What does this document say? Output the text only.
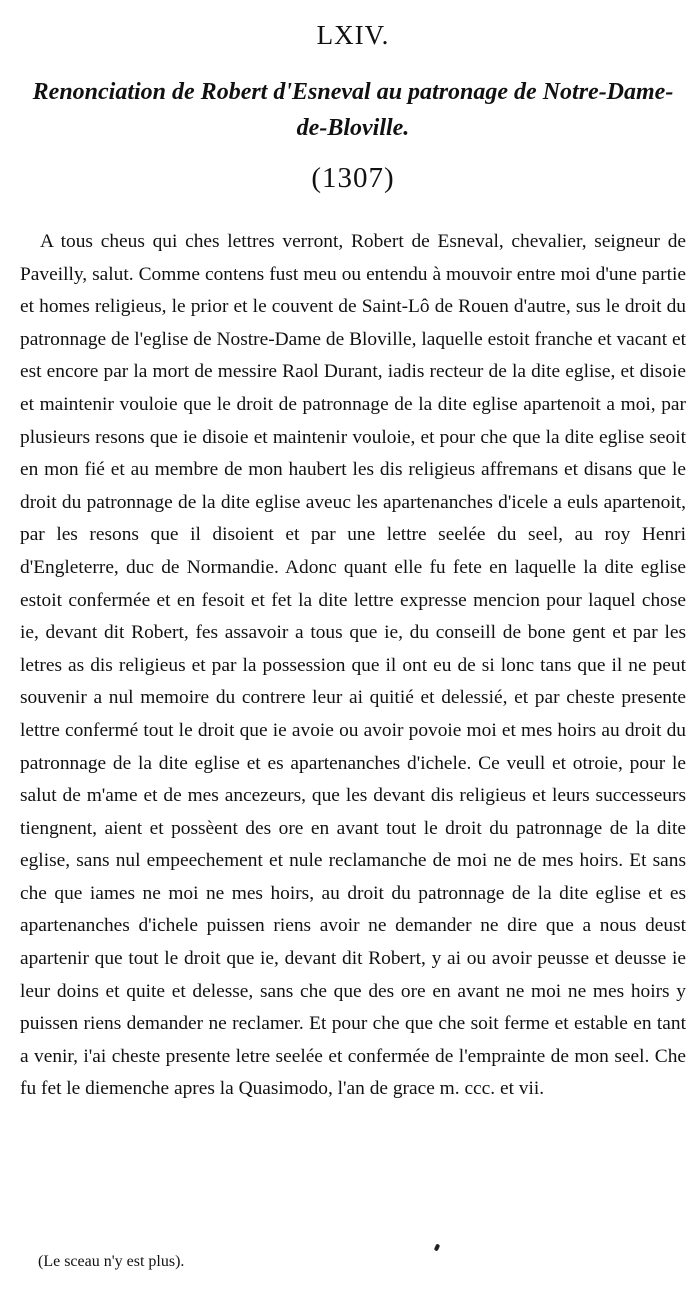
LXIV.
Renonciation de Robert d'Esneval au patronage de Notre-Dame-de-Bloville.
(1307)

A tous cheus qui ches lettres verront, Robert de Esneval, chevalier, seigneur de Paveilly, salut. Comme contens fust meu ou entendu à mouvoir entre moi d'une partie et homes religieus, le prior et le couvent de Saint-Lô de Rouen d'autre, sus le droit du patronnage de l'eglise de Nostre-Dame de Bloville, laquelle estoit franche et vacant et est encore par la mort de messire Raol Durant, iadis recteur de la dite eglise, et disoie et maintenir vouloie que le droit de patronnage de la dite eglise apartenoit a moi, par plusieurs resons que ie disoie et maintenir vouloie, et pour che que la dite eglise seoit en mon fié et au membre de mon haubert les dis religieus affremans et disans que le droit du patronnage de la dite eglise aveuc les apartenanches d'icele a euls apartenoit, par les resons que il disoient et par une lettre seelée du seel, au roy Henri d'Engleterre, duc de Normandie. Adonc quant elle fu fete en laquelle la dite eglise estoit confermée et en fesoit et fet la dite lettre expresse mencion pour laquel chose ie, devant dit Robert, fes assavoir a tous que ie, du conseill de bone gent et par les letres as dis religieus et par la possession que il ont eu de si lonc tans que il ne peut souvenir a nul memoire du contrere leur ai quitié et delessié, et par cheste presente lettre confermé tout le droit que ie avoie ou avoir povoie moi et mes hoirs au droit du patronnage de la dite eglise et es apartenanches d'ichele. Ce veull et otroie, pour le salut de m'ame et de mes ancezeurs, que les devant dis religieus et leurs successeurs tiengnent, aient et possèent des ore en avant tout le droit du patronnage de la dite eglise, sans nul empeechement et nule reclamanche de moi ne de mes hoirs. Et sans che que iames ne moi ne mes hoirs, au droit du patronnage de la dite eglise et es apartenanches d'ichele puissen riens avoir ne demander ne dire que a nous deust apartenir que tout le droit que ie, devant dit Robert, y ai ou avoir peusse et deusse ie leur doins et quite et delesse, sans che que des ore en avant ne moi ne mes hoirs y puissen riens demander ne reclamer. Et pour che que che soit ferme et estable en tant a venir, i'ai cheste presente letre seelée et confermée de l'empraintе de mon seel. Che fu fet le diemenche apres la Quasimodo, l'an de grace m. ccc. et vii.

(Le sceau n'y est plus).
